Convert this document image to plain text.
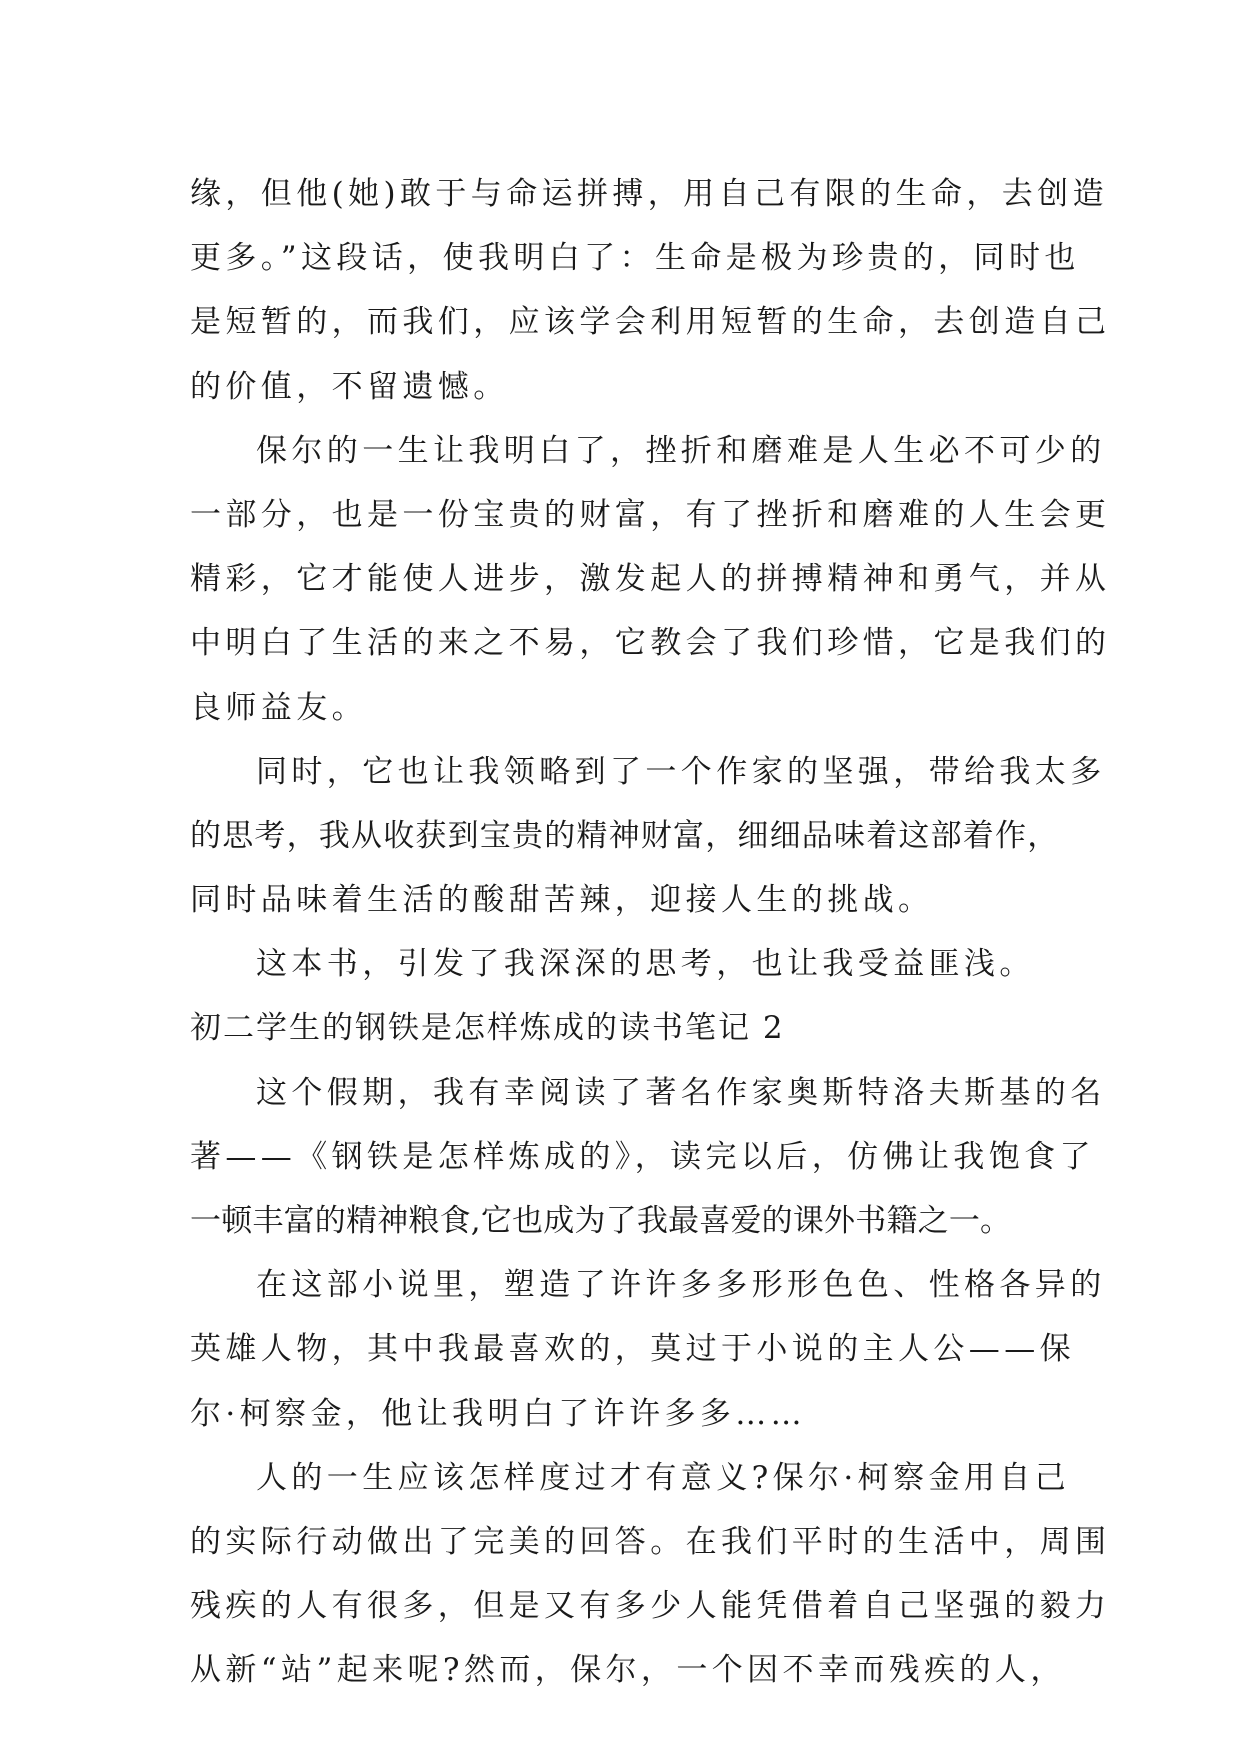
缘，但他(她)敢于与命运拼搏，用自己有限的生命，去创造
更多。”这段话，使我明白了：生命是极为珍贵的，同时也
是短暂的，而我们，应该学会利用短暂的生命，去创造自己
的价值，不留遗憾。
保尔的一生让我明白了，挫折和磨难是人生必不可少的
一部分，也是一份宝贵的财富，有了挫折和磨难的人生会更
精彩，它才能使人进步，激发起人的拼搏精神和勇气，并从
中明白了生活的来之不易，它教会了我们珍惜，它是我们的
良师益友。
同时，它也让我领略到了一个作家的坚强，带给我太多
的思考，我从收获到宝贵的精神财富，细细品味着这部着作，
同时品味着生活的酸甜苦辣，迎接人生的挑战。
这本书，引发了我深深的思考，也让我受益匪浅。
初二学生的钢铁是怎样炼成的读书笔记 2
这个假期，我有幸阅读了著名作家奥斯特洛夫斯基的名
著——《钢铁是怎样炼成的》，读完以后，仿佛让我饱食了
一顿丰富的精神粮食,它也成为了我最喜爱的课外书籍之一。
在这部小说里，塑造了许许多多形形色色、性格各异的
英雄人物，其中我最喜欢的，莫过于小说的主人公——保
尔·柯察金，他让我明白了许许多多……
人的一生应该怎样度过才有意义?保尔·柯察金用自己
的实际行动做出了完美的回答。在我们平时的生活中，周围
残疾的人有很多，但是又有多少人能凭借着自己坚强的毅力
从新“站”起来呢?然而，保尔，一个因不幸而残疾的人，
